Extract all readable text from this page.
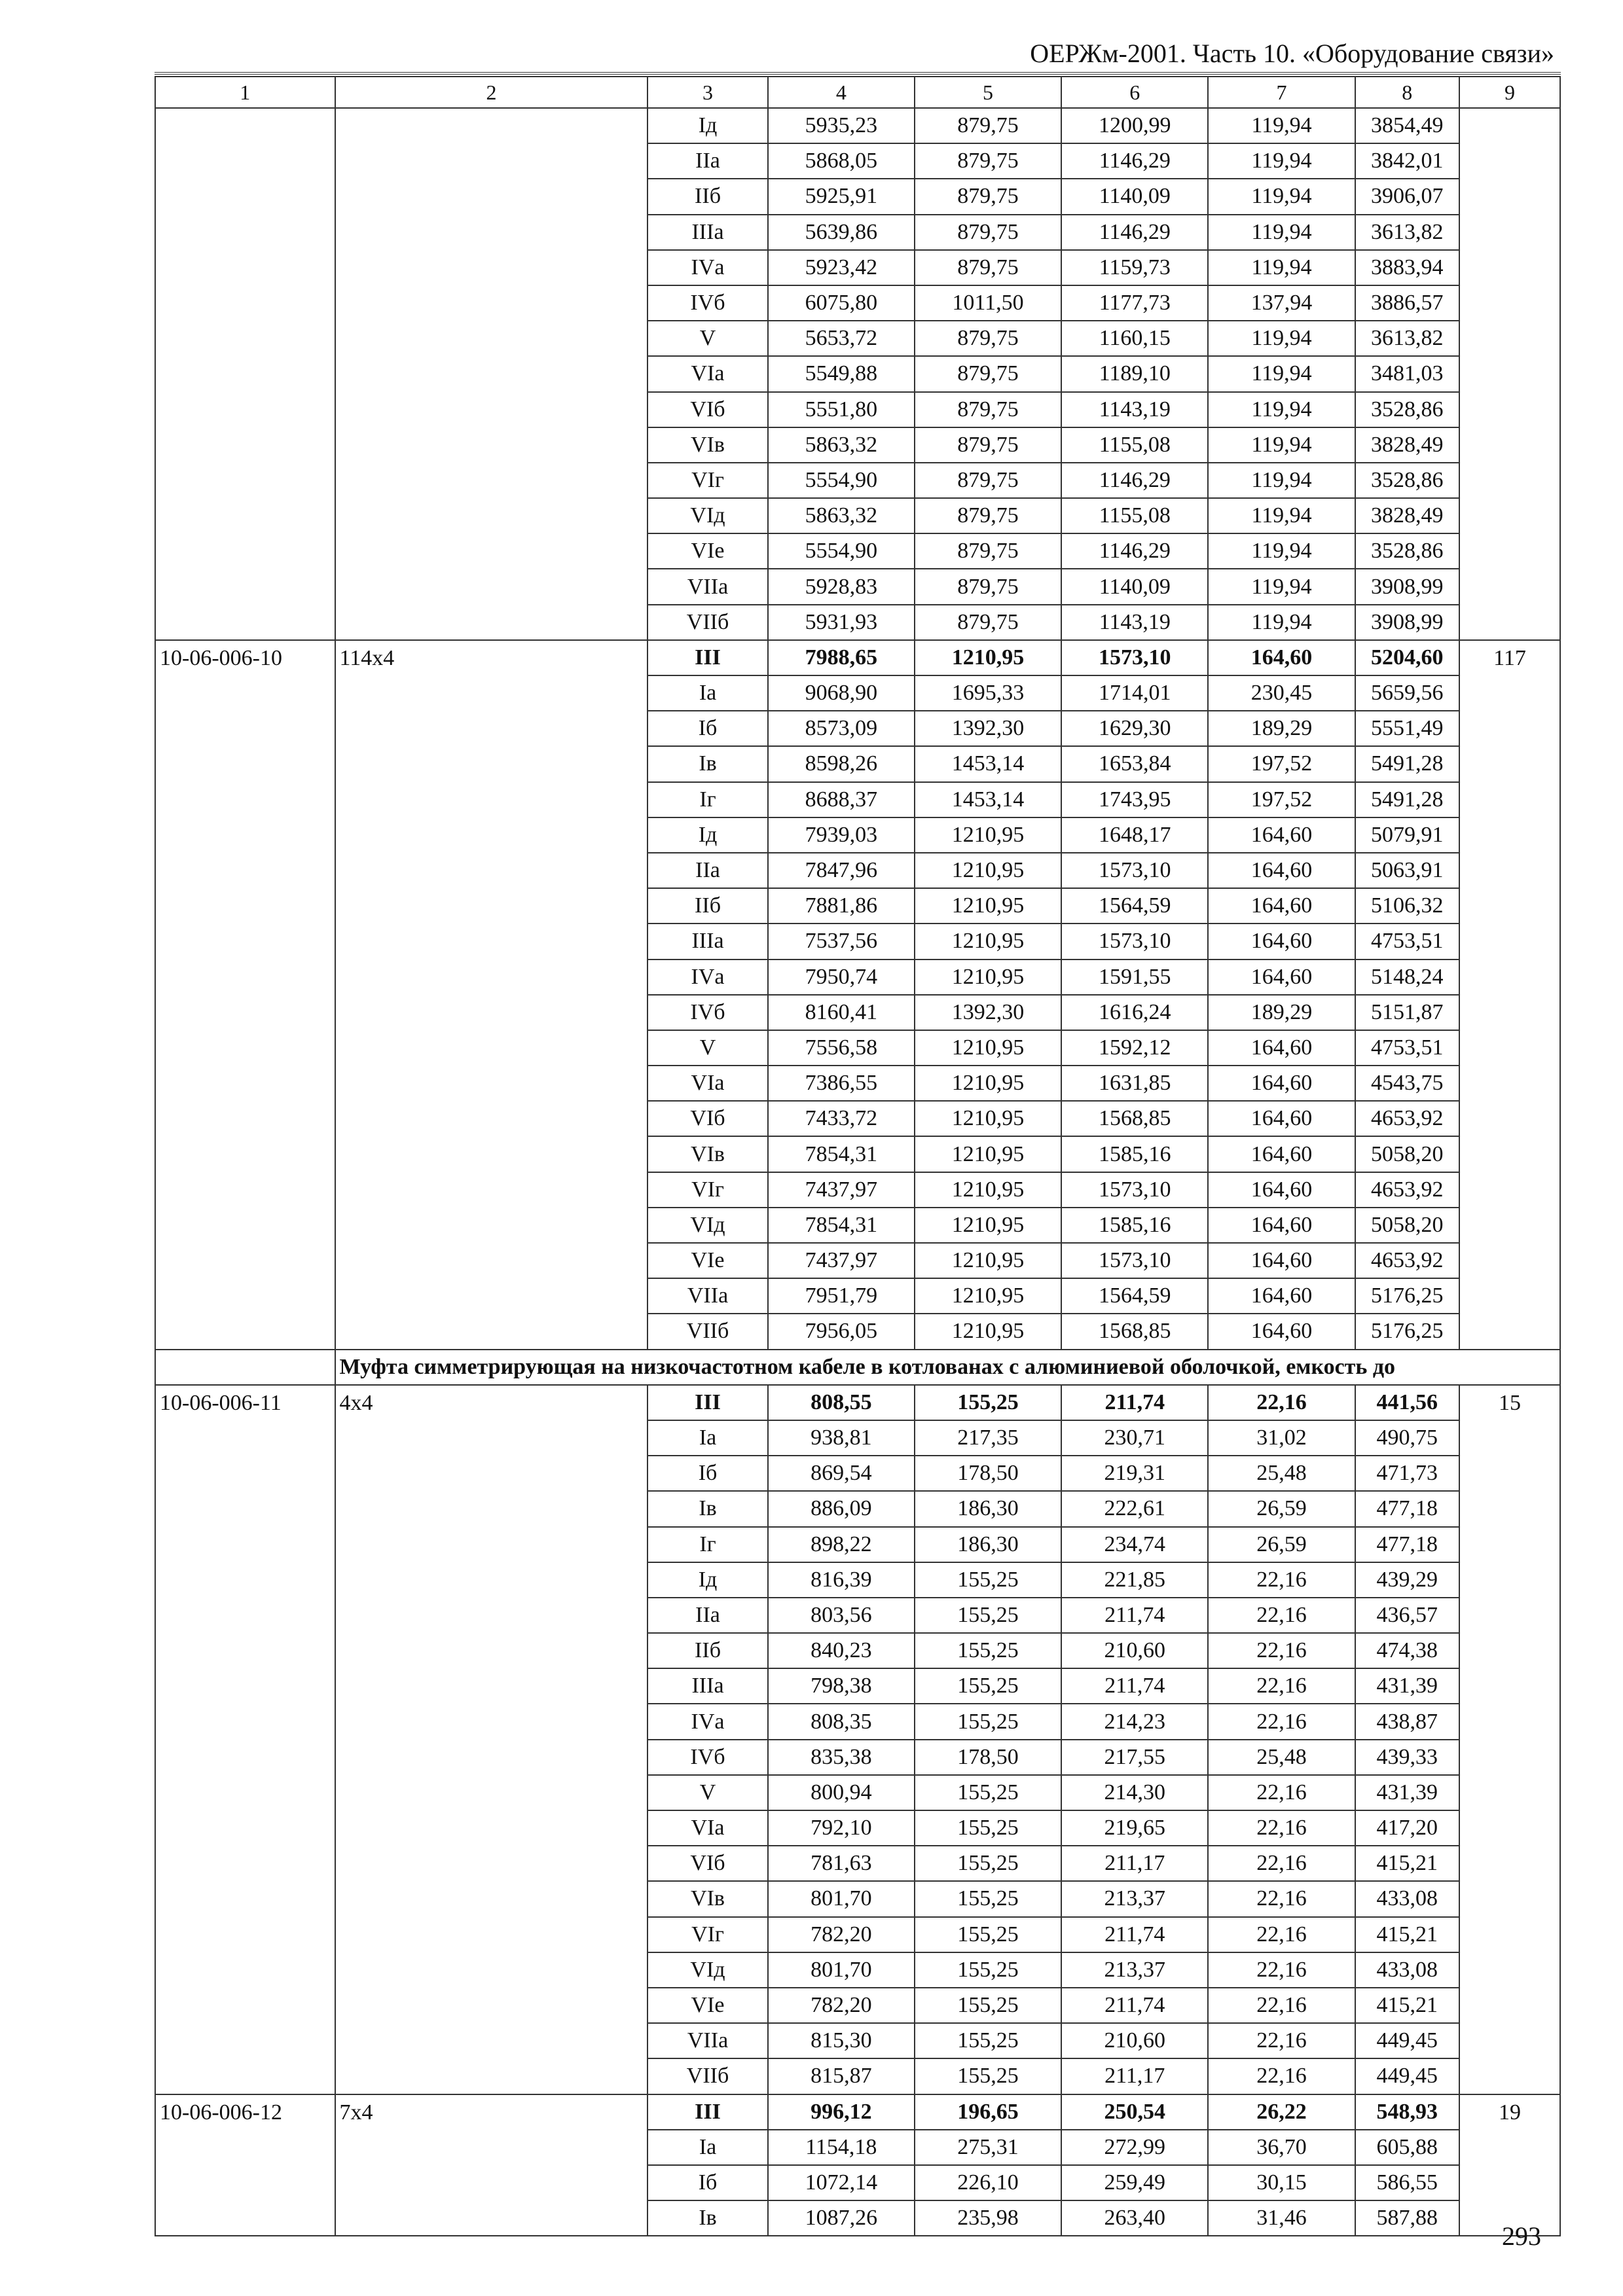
ОЕРЖм-2001. Часть 10. «Оборудование связи»
1	2	3	4	5	6	7	8	9
		Iд	5935,23	879,75	1200,99	119,94	3854,49	
		IIа	5868,05	879,75	1146,29	119,94	3842,01	
		IIб	5925,91	879,75	1140,09	119,94	3906,07	
		IIIа	5639,86	879,75	1146,29	119,94	3613,82	
		IVа	5923,42	879,75	1159,73	119,94	3883,94	
		IVб	6075,80	1011,50	1177,73	137,94	3886,57	
		V	5653,72	879,75	1160,15	119,94	3613,82	
		VIа	5549,88	879,75	1189,10	119,94	3481,03	
		VIб	5551,80	879,75	1143,19	119,94	3528,86	
		VIв	5863,32	879,75	1155,08	119,94	3828,49	
		VIг	5554,90	879,75	1146,29	119,94	3528,86	
		VIд	5863,32	879,75	1155,08	119,94	3828,49	
		VIе	5554,90	879,75	1146,29	119,94	3528,86	
		VIIа	5928,83	879,75	1140,09	119,94	3908,99	
		VIIб	5931,93	879,75	1143,19	119,94	3908,99	
10-06-006-10	114х4	III	7988,65	1210,95	1573,10	164,60	5204,60	117
		Iа	9068,90	1695,33	1714,01	230,45	5659,56	
		Iб	8573,09	1392,30	1629,30	189,29	5551,49	
		Iв	8598,26	1453,14	1653,84	197,52	5491,28	
		Iг	8688,37	1453,14	1743,95	197,52	5491,28	
		Iд	7939,03	1210,95	1648,17	164,60	5079,91	
		IIа	7847,96	1210,95	1573,10	164,60	5063,91	
		IIб	7881,86	1210,95	1564,59	164,60	5106,32	
		IIIа	7537,56	1210,95	1573,10	164,60	4753,51	
		IVа	7950,74	1210,95	1591,55	164,60	5148,24	
		IVб	8160,41	1392,30	1616,24	189,29	5151,87	
		V	7556,58	1210,95	1592,12	164,60	4753,51	
		VIа	7386,55	1210,95	1631,85	164,60	4543,75	
		VIб	7433,72	1210,95	1568,85	164,60	4653,92	
		VIв	7854,31	1210,95	1585,16	164,60	5058,20	
		VIг	7437,97	1210,95	1573,10	164,60	4653,92	
		VIд	7854,31	1210,95	1585,16	164,60	5058,20	
		VIе	7437,97	1210,95	1573,10	164,60	4653,92	
		VIIа	7951,79	1210,95	1564,59	164,60	5176,25	
		VIIб	7956,05	1210,95	1568,85	164,60	5176,25	
	Муфта симметрирующая на низкочастотном кабеле в котлованах с алюминиевой оболочкой, емкость до							
10-06-006-11	4х4	III	808,55	155,25	211,74	22,16	441,56	15
		Iа	938,81	217,35	230,71	31,02	490,75	
		Iб	869,54	178,50	219,31	25,48	471,73	
		Iв	886,09	186,30	222,61	26,59	477,18	
		Iг	898,22	186,30	234,74	26,59	477,18	
		Iд	816,39	155,25	221,85	22,16	439,29	
		IIа	803,56	155,25	211,74	22,16	436,57	
		IIб	840,23	155,25	210,60	22,16	474,38	
		IIIа	798,38	155,25	211,74	22,16	431,39	
		IVа	808,35	155,25	214,23	22,16	438,87	
		IVб	835,38	178,50	217,55	25,48	439,33	
		V	800,94	155,25	214,30	22,16	431,39	
		VIа	792,10	155,25	219,65	22,16	417,20	
		VIб	781,63	155,25	211,17	22,16	415,21	
		VIв	801,70	155,25	213,37	22,16	433,08	
		VIг	782,20	155,25	211,74	22,16	415,21	
		VIд	801,70	155,25	213,37	22,16	433,08	
		VIе	782,20	155,25	211,74	22,16	415,21	
		VIIа	815,30	155,25	210,60	22,16	449,45	
		VIIб	815,87	155,25	211,17	22,16	449,45	
10-06-006-12	7х4	III	996,12	196,65	250,54	26,22	548,93	19
		Iа	1154,18	275,31	272,99	36,70	605,88	
		Iб	1072,14	226,10	259,49	30,15	586,55	
		Iв	1087,26	235,98	263,40	31,46	587,88	
293
